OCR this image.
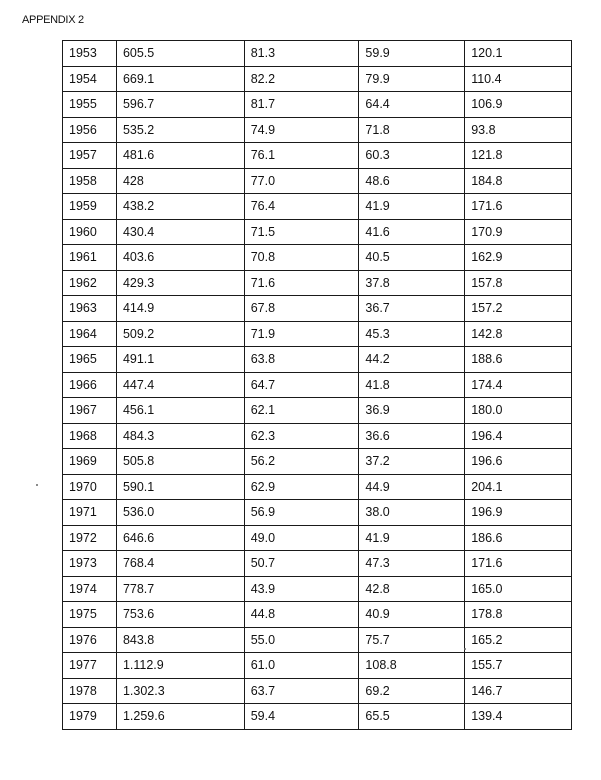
APPENDIX 2
1953	605.5	81.3	59.9	120.1
1954	669.1	82.2	79.9	110.4
1955	596.7	81.7	64.4	106.9
1956	535.2	74.9	71.8	93.8
1957	481.6	76.1	60.3	121.8
1958	428	77.0	48.6	184.8
1959	438.2	76.4	41.9	171.6
1960	430.4	71.5	41.6	170.9
1961	403.6	70.8	40.5	162.9
1962	429.3	71.6	37.8	157.8
1963	414.9	67.8	36.7	157.2
1964	509.2	71.9	45.3	142.8
1965	491.1	63.8	44.2	188.6
1966	447.4	64.7	41.8	174.4
1967	456.1	62.1	36.9	180.0
1968	484.3	62.3	36.6	196.4
1969	505.8	56.2	37.2	196.6
1970	590.1	62.9	44.9	204.1
1971	536.0	56.9	38.0	196.9
1972	646.6	49.0	41.9	186.6
1973	768.4	50.7	47.3	171.6
1974	778.7	43.9	42.8	165.0
1975	753.6	44.8	40.9	178.8
1976	843.8	55.0	75.7	165.2
1977	1.112.9	61.0	108.8	155.7
1978	1.302.3	63.7	69.2	146.7
1979	1.259.6	59.4	65.5	139.4
